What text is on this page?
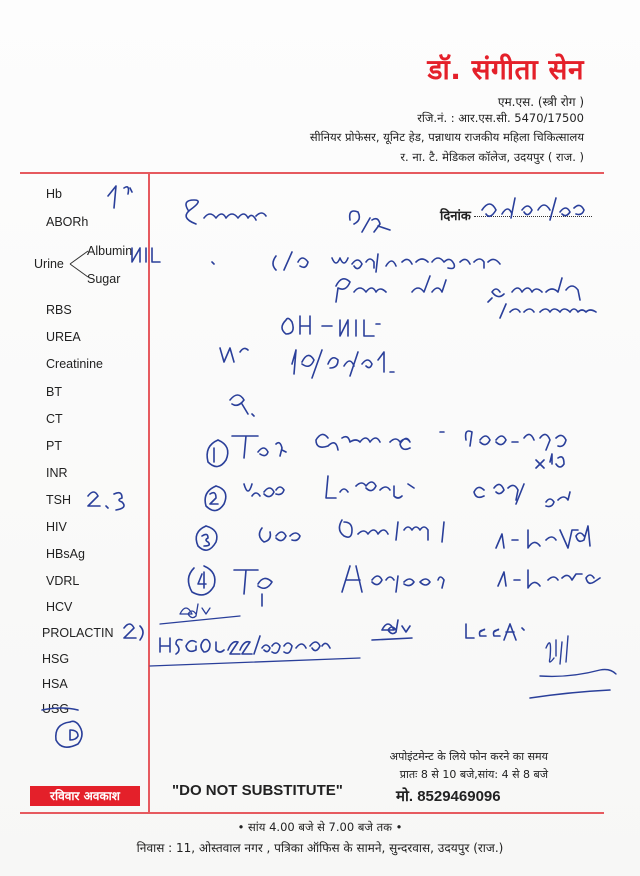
डॉ. संगीता सेन
एम.एस. (स्त्री रोग )
रजि.नं. : आर.एस.सी. 5470/17500
सीनियर प्रोफेसर, यूनिट हेड, पन्नाधाय राजकीय महिला चिकित्सालय
र. ना. टै. मेडिकल कॉलेज, उदयपुर ( राज. )
Hb
ABORh
Albumin
Urine
Sugar
RBS
UREA
Creatinine
BT
CT
PT
INR
TSH
HIV
HBsAg
VDRL
HCV
PROLACTIN
HSG
HSA
USG
दिनांक
अपोइंटमेन्ट के लिये फोन करने का समय
प्रातः 8 से 10 बजे,सांय: 4 से 8 बजे
मो. 8529469096
रविवार अवकाश	"DO NOT SUBSTITUTE"
• सांय 4.00 बजे से 7.00 बजे तक •
निवास : 11, ओस्तवाल नगर , पत्रिका ऑफिस के सामने, सुन्दरवास, उदयपुर (राज.)
